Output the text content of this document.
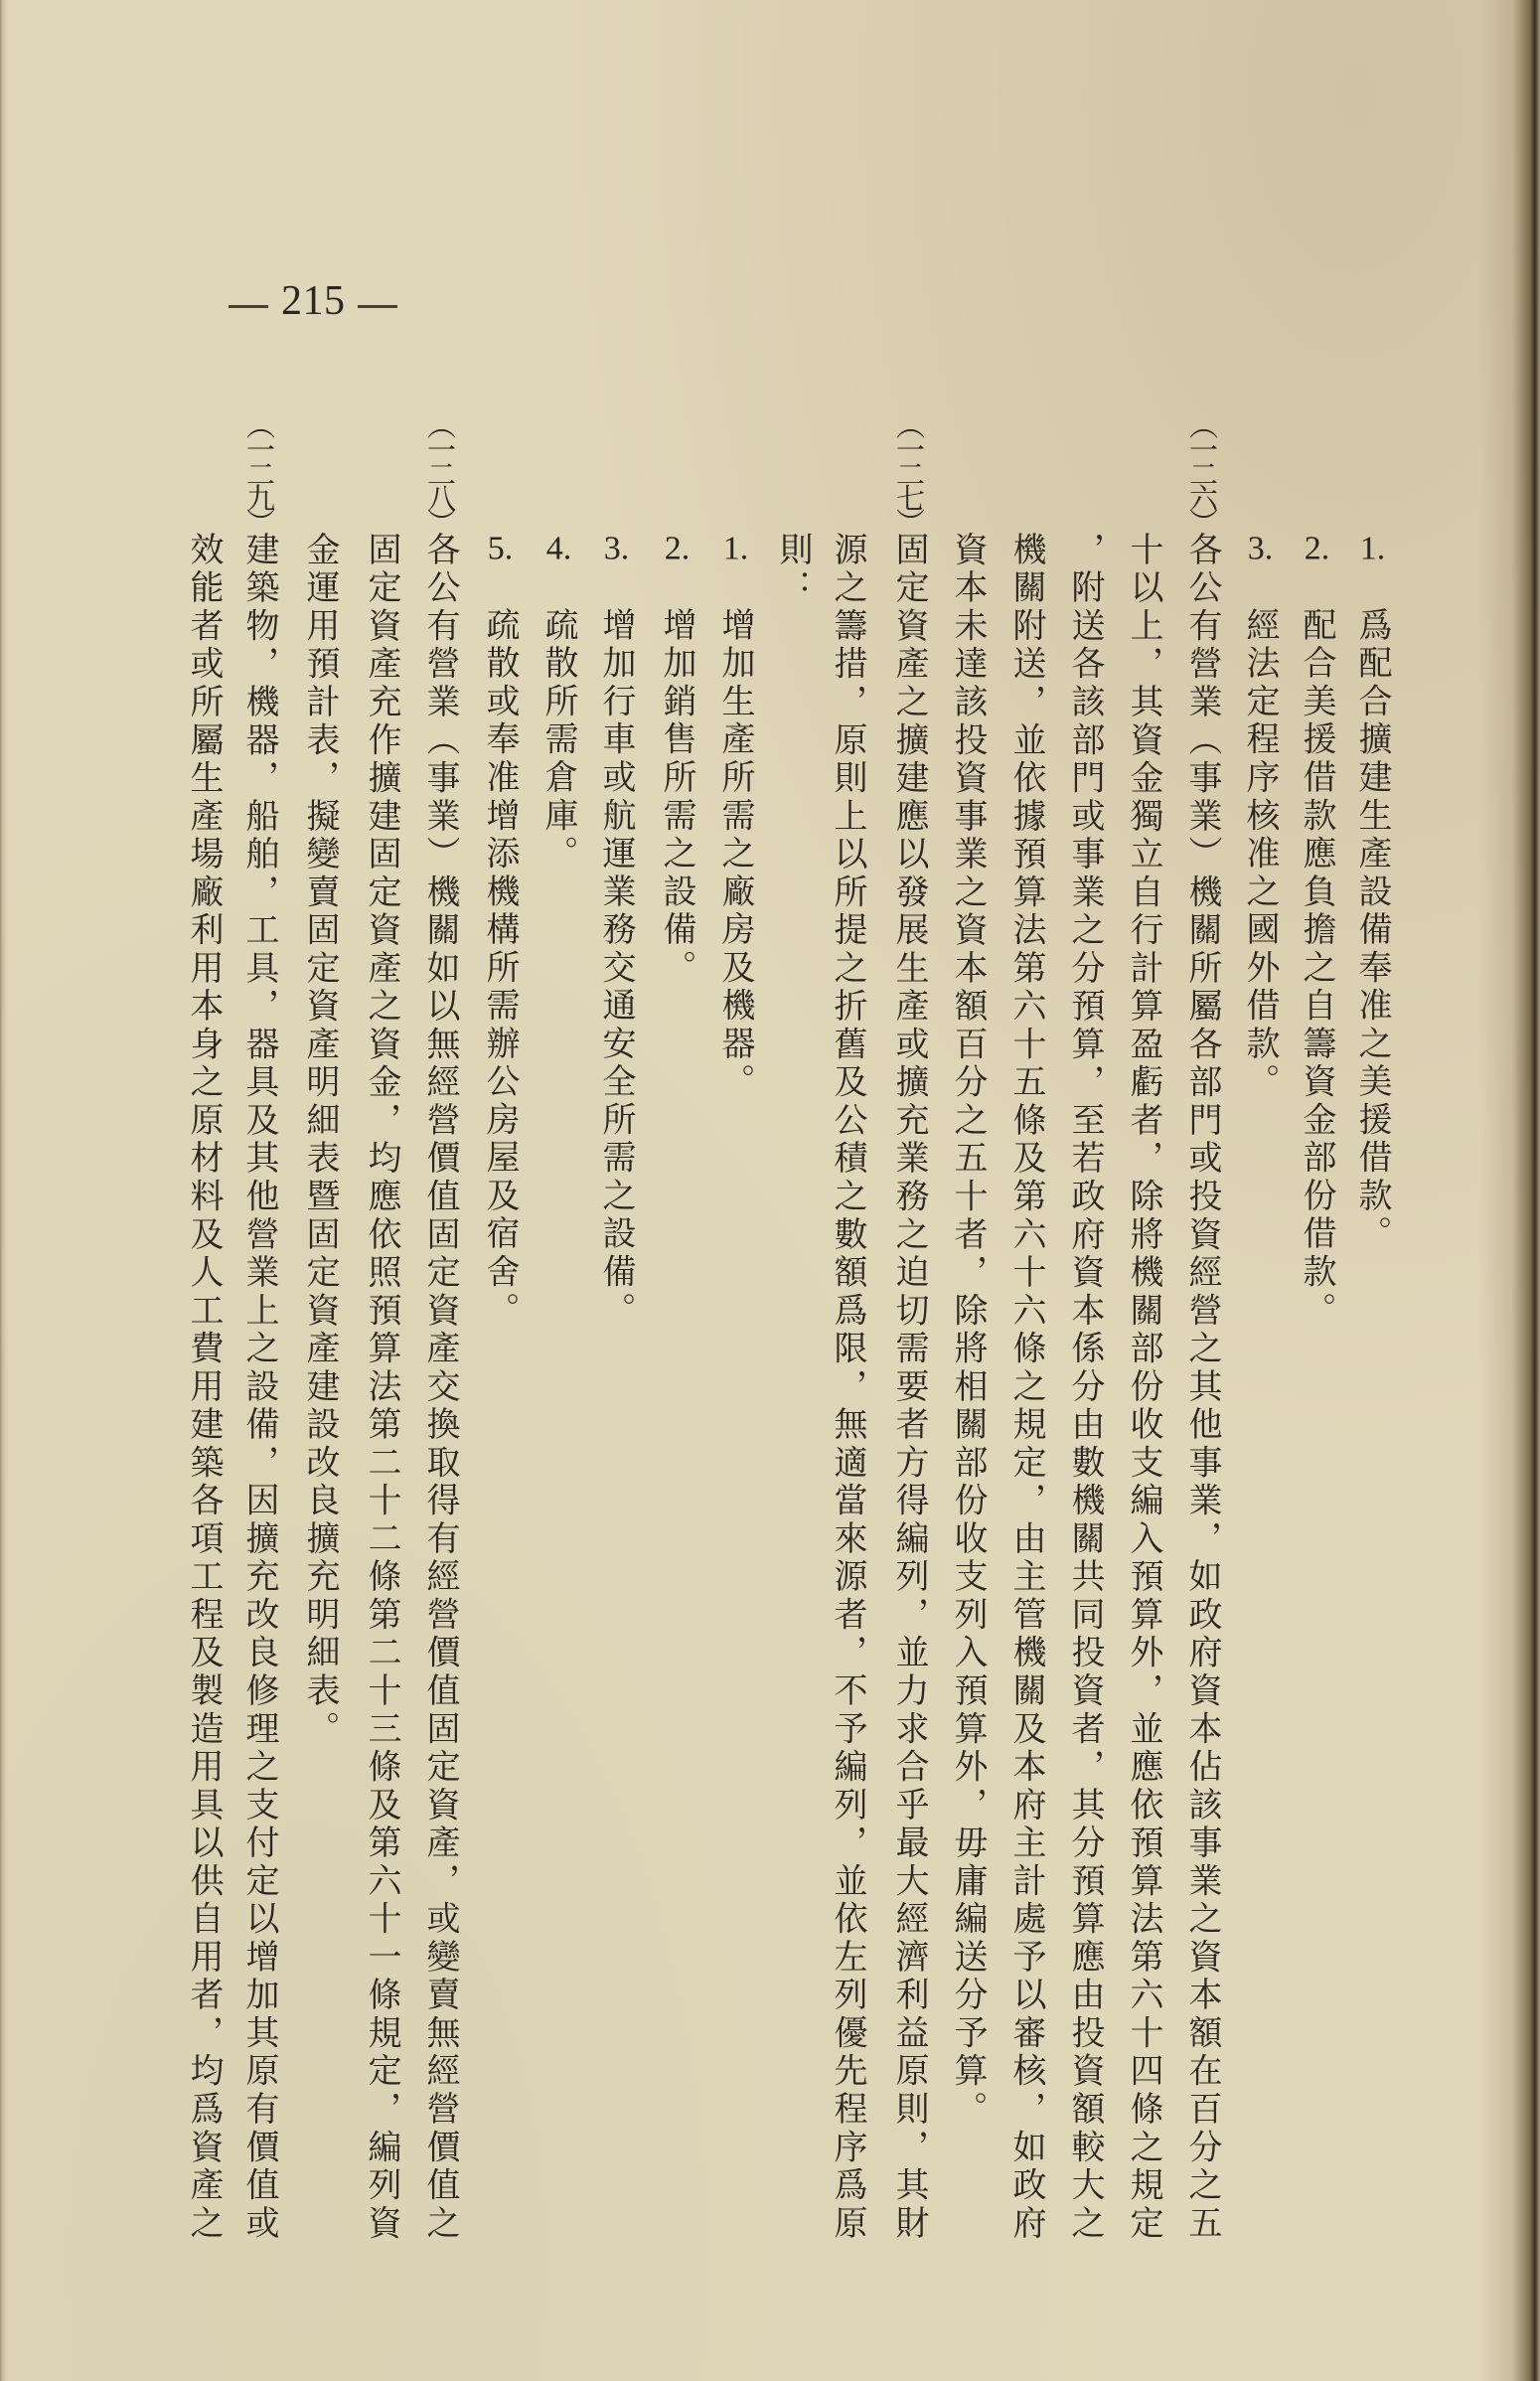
215
1.
爲配合擴建生產設備奉准之美援借款。
2.
配合美援借款應負擔之自籌資金部份借款。
3.
經法定程序核准之國外借款。
（一二六）
各公有營業（事業）機關所屬各部門或投資經營之其他事業，如政府資本佔該事業之資本額在百分之五
十以上，其資金獨立自行計算盈虧者，除將機關部份收支編入預算外，並應依預算法第六十四條之規定
，附送各該部門或事業之分預算，至若政府資本係分由數機關共同投資者，其分預算應由投資額較大之
機關附送，並依據預算法第六十五條及第六十六條之規定，由主管機關及本府主計處予以審核，如政府
資本未達該投資事業之資本額百分之五十者，除將相關部份收支列入預算外，毋庸編送分予算。
（一二七）
固定資產之擴建應以發展生產或擴充業務之迫切需要者方得編列，並力求合乎最大經濟利益原則，其財
源之籌措，原則上以所提之折舊及公積之數額爲限，無適當來源者，不予編列，並依左列優先程序爲原
則：
1.
增加生產所需之廠房及機器。
2.
增加銷售所需之設備。
3.
增加行車或航運業務交通安全所需之設備。
4.
疏散所需倉庫。
5.
疏散或奉准增添機構所需辦公房屋及宿舍。
（一二八）
各公有營業（事業）機關如以無經營價值固定資產交換取得有經營價值固定資產，或變賣無經營價值之
固定資產充作擴建固定資產之資金，均應依照預算法第二十二條第二十三條及第六十一條規定，編列資
金運用預計表，擬變賣固定資產明細表暨固定資產建設改良擴充明細表。
（一二九）
建築物，機器，船舶，工具，器具及其他營業上之設備，因擴充改良修理之支付定以增加其原有價值或
效能者或所屬生產場廠利用本身之原材料及人工費用建築各項工程及製造用具以供自用者，均爲資產之
